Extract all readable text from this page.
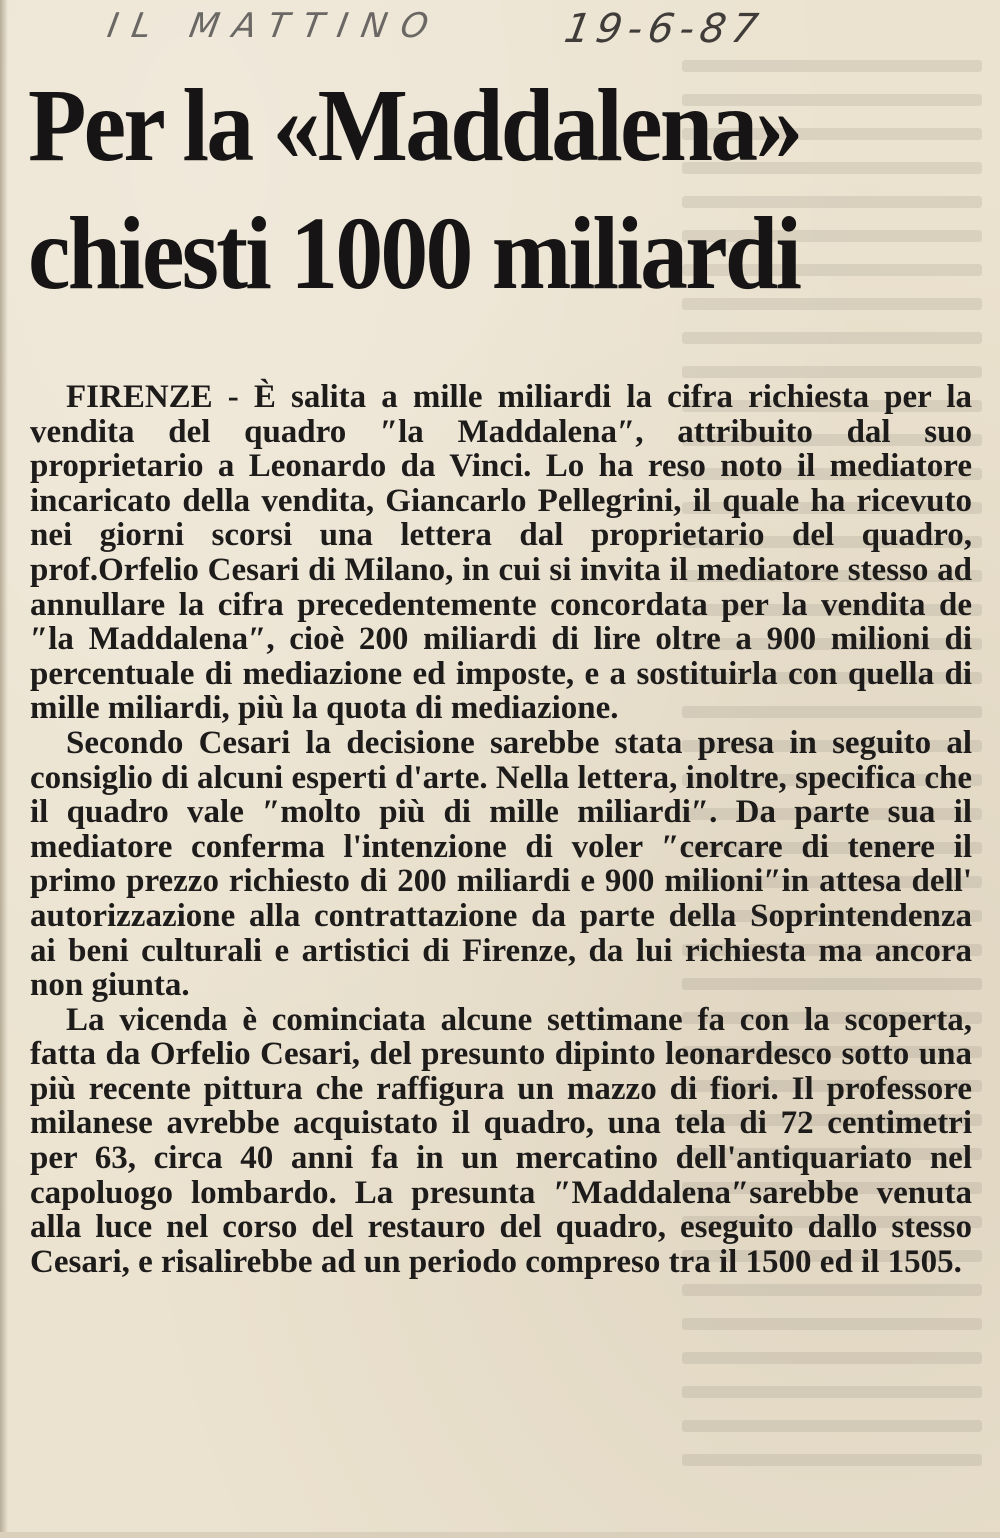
IL MATTINO	19-6-87
Per la «Maddalena»
chiesti 1000 miliardi

FIRENZE - È salita a mille miliardi la cifra richiesta per la vendita del quadro ″la Maddalena″, attribuito dal suo proprietario a Leonardo da Vinci. Lo ha reso noto il mediatore incaricato della vendita, Giancarlo Pellegrini, il quale ha ricevuto nei giorni scorsi una lettera dal proprietario del quadro, prof.Orfelio Cesari di Milano, in cui si invita il mediatore stesso ad annullare la cifra precedentemente concordata per la vendita de ″la Maddalena″, cioè 200 miliardi di lire oltre a 900 milioni di percentuale di mediazione ed imposte, e a sostituirla con quella di mille miliardi, più la quota di mediazione.

Secondo Cesari la decisione sarebbe stata presa in seguito al consiglio di alcuni esperti d'arte. Nella lettera, inoltre, specifica che il quadro vale ″molto più di mille miliardi″. Da parte sua il mediatore conferma l'intenzione di voler ″cercare di tenere il primo prezzo richiesto di 200 miliardi e 900 milioni″in attesa dell' autorizzazione alla contrattazione da parte della Soprintendenza ai beni culturali e artistici di Firenze, da lui richiesta ma ancora non giunta.

La vicenda è cominciata alcune settimane fa con la scoperta, fatta da Orfelio Cesari, del presunto dipinto leonardesco sotto una più recente pittura che raffigura un mazzo di fiori. Il professore milanese avrebbe acquistato il quadro, una tela di 72 centimetri per 63, circa 40 anni fa in un mercatino dell'antiquariato nel capoluogo lombardo. La presunta ″Maddalena″sarebbe venuta alla luce nel corso del restauro del quadro, eseguito dallo stesso Cesari, e risalirebbe ad un periodo compreso tra il 1500 ed il 1505.
